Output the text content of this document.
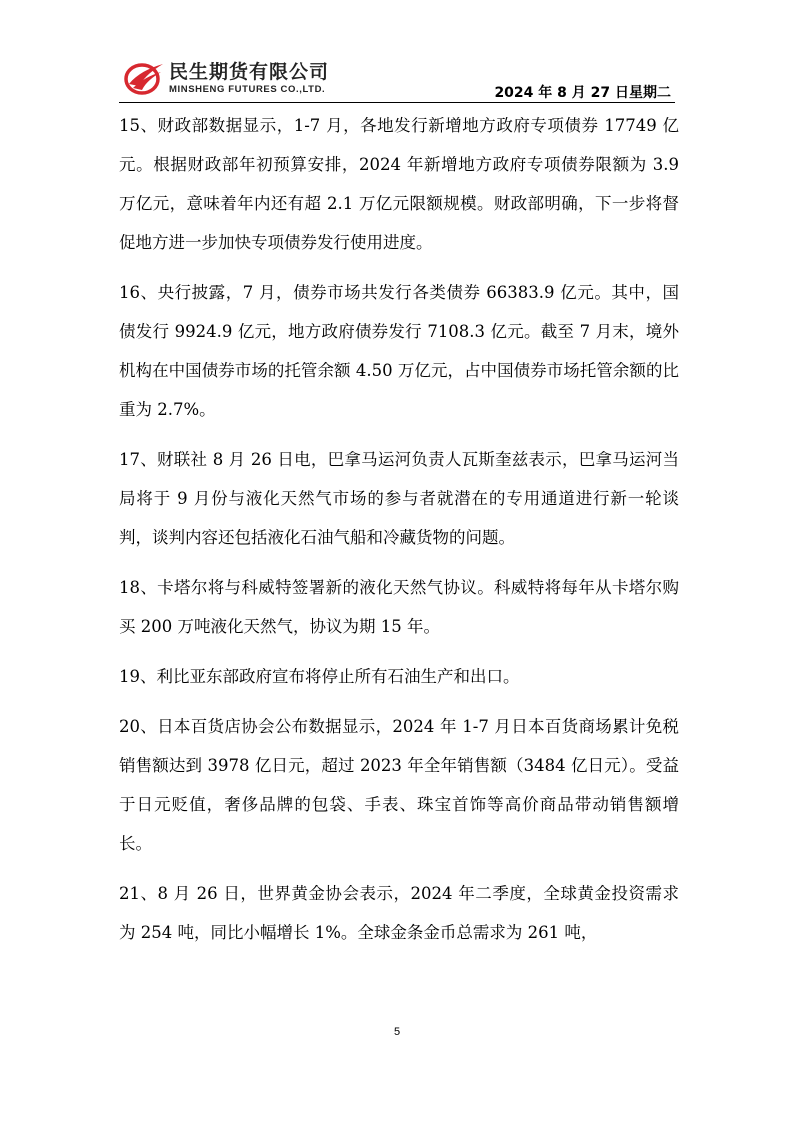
民生期货有限公司
MINSHENG FUTURES CO.,LTD.	2024 年 8 月 27 日星期二

15、财政部数据显示，1-7 月，各地发行新增地方政府专项债券 17749 亿元。根据财政部年初预算安排，2024 年新增地方政府专项债券限额为 3.9 万亿元，意味着年内还有超 2.1 万亿元限额规模。财政部明确，下一步将督促地方进一步加快专项债券发行使用进度。

16、央行披露，7 月，债券市场共发行各类债券 66383.9 亿元。其中，国债发行 9924.9 亿元，地方政府债券发行 7108.3 亿元。截至 7 月末，境外机构在中国债券市场的托管余额 4.50 万亿元，占中国债券市场托管余额的比重为 2.7%。

17、财联社 8 月 26 日电，巴拿马运河负责人瓦斯奎兹表示，巴拿马运河当局将于 9 月份与液化天然气市场的参与者就潜在的专用通道进行新一轮谈判，谈判内容还包括液化石油气船和冷藏货物的问题。

18、卡塔尔将与科威特签署新的液化天然气协议。科威特将每年从卡塔尔购买 200 万吨液化天然气，协议为期 15 年。

19、利比亚东部政府宣布将停止所有石油生产和出口。

20、日本百货店协会公布数据显示，2024 年 1-7 月日本百货商场累计免税销售额达到 3978 亿日元，超过 2023 年全年销售额（3484 亿日元）。受益于日元贬值，奢侈品牌的包袋、手表、珠宝首饰等高价商品带动销售额增长。

21、8 月 26 日，世界黄金协会表示，2024 年二季度，全球黄金投资需求为 254 吨，同比小幅增长 1%。全球金条金币总需求为 261 吨，

5
